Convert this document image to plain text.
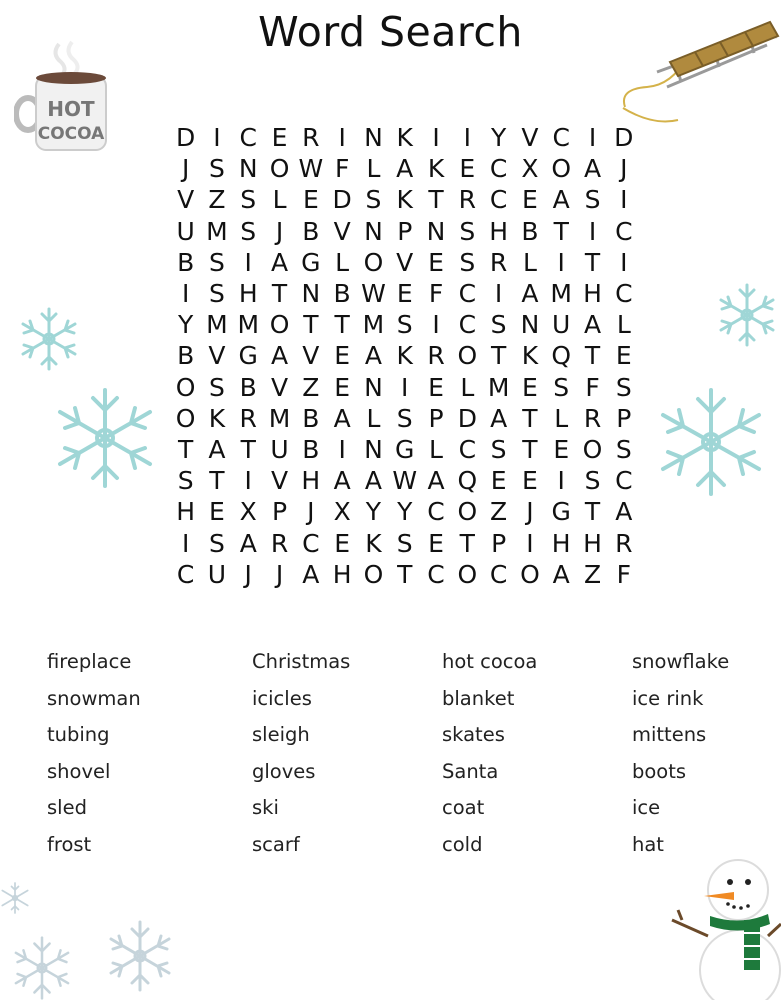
Word Search
HOT
COCOA	D I C E R I N K I I Y V C I D
J S N O W F L A K E C X O A J
V Z S L E D S K T R C E A S I
U M S J B V N P N S H B T I C
B S I A G L O V E S R L I T I
I S H T N B W E F C I A M H C
Y M M O T T M S I C S N U A L
B V G A V E A K R O T K Q T E
O S B V Z E N I E L M E S F S
O K R M B A L S P D A T L R P
T A T U B I N G L C S T E O S
S T I V H A A W A Q E E I S C
H E X P J X Y Y C O Z J G T A
I S A R C E K S E T P I H H R
C U J J A H O T C O C O A Z F
fireplace	Christmas	hot cocoa	snowflake
snowman	icicles	blanket	ice rink
tubing	sleigh	skates	mittens
shovel	gloves	Santa	boots
sled	ski	coat	ice
frost	scarf	cold	hat
